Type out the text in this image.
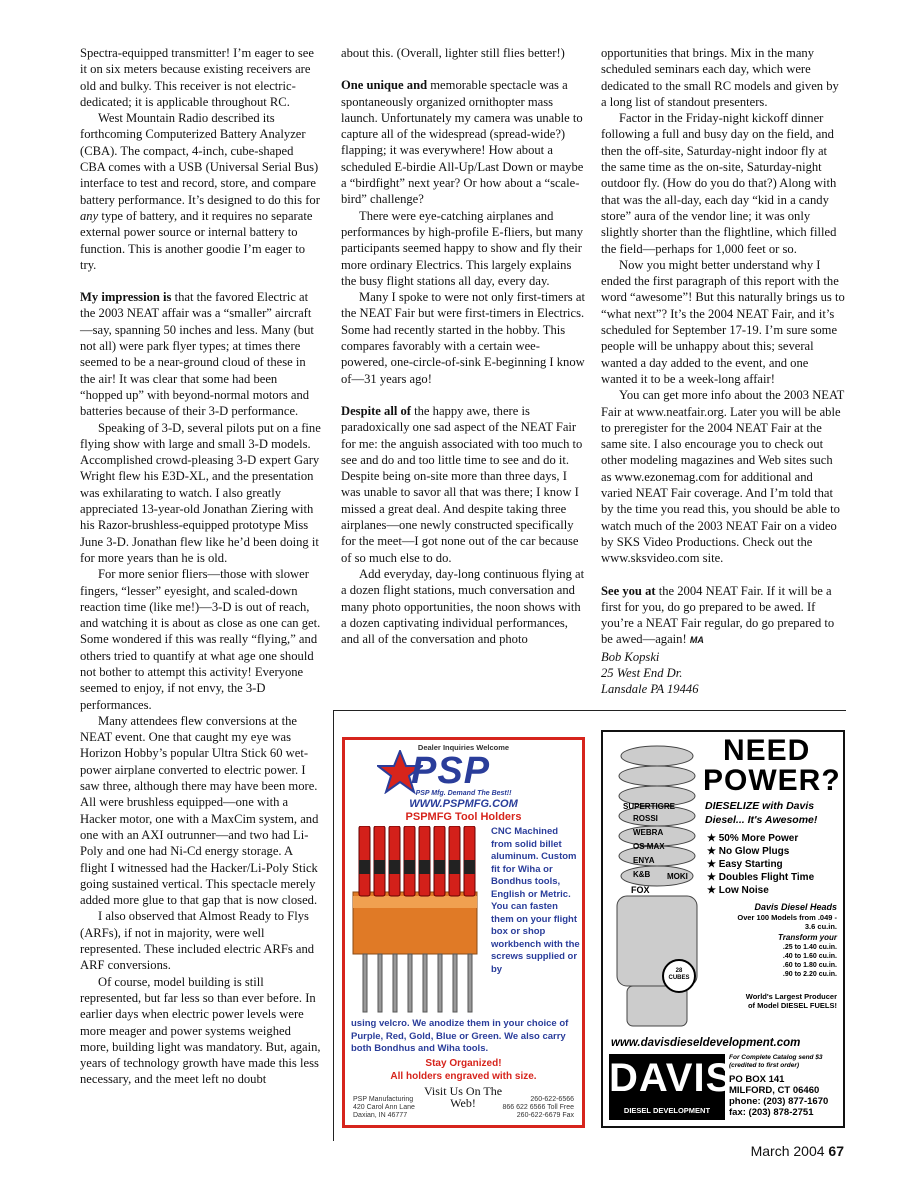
Spectra-equipped transmitter! I’m eager to see it on six meters because existing receivers are old and bulky. This receiver is not electric-dedicated; it is applicable throughout RC.

West Mountain Radio described its forthcoming Computerized Battery Analyzer (CBA). The compact, 4-inch, cube-shaped CBA comes with a USB (Universal Serial Bus) interface to test and record, store, and compare battery performance. It’s designed to do this for any type of battery, and it requires no separate external power source or internal battery to function. This is another goodie I’m eager to try.

My impression is that the favored Electric at the 2003 NEAT affair was a “smaller” aircraft—say, spanning 50 inches and less. Many (but not all) were park flyer types; at times there seemed to be a near-ground cloud of these in the air! It was clear that some had been “hopped up” with beyond-normal motors and batteries because of their 3-D performance.

Speaking of 3-D, several pilots put on a fine flying show with large and small 3-D models. Accomplished crowd-pleasing 3-D expert Gary Wright flew his E3D-XL, and the presentation was exhilarating to watch. I also greatly appreciated 13-year-old Jonathan Ziering with his Razor-brushless-equipped prototype Miss June 3-D. Jonathan flew like he’d been doing it for more years than he is old.

For more senior fliers—those with slower fingers, “lesser” eyesight, and scaled-down reaction time (like me!)—3-D is out of reach, and watching it is about as close as one can get. Some wondered if this was really “flying,” and others tried to quantify at what age one should not bother to attempt this activity! Everyone seemed to enjoy, if not envy, the 3-D performances.

Many attendees flew conversions at the NEAT event. One that caught my eye was Horizon Hobby’s popular Ultra Stick 60 wet-power airplane converted to electric power. I saw three, although there may have been more. All were brushless equipped—one with a Hacker motor, one with a MaxCim system, and one with an AXI outrunner—and two had Li-Poly and one had Ni-Cd energy storage. A flight I witnessed had the Hacker/Li-Poly Stick going sustained vertical. This spectacle merely added more glue to that gap that is now closed.

I also observed that Almost Ready to Flys (ARFs), if not in majority, were well represented. These included electric ARFs and ARF conversions.

Of course, model building is still represented, but far less so than ever before. In earlier days when electric power levels were more meager and power systems weighed more, building light was mandatory. But, again, years of technology growth have made this less necessary, and the meet left no doubt

about this. (Overall, lighter still flies better!)

One unique and memorable spectacle was a spontaneously organized ornithopter mass launch. Unfortunately my camera was unable to capture all of the widespread (spread-wide?) flapping; it was everywhere! How about a scheduled E-birdie All-Up/Last Down or maybe a “birdfight” next year? Or how about a “scale-bird” challenge?

There were eye-catching airplanes and performances by high-profile E-fliers, but many participants seemed happy to show and fly their more ordinary Electrics. This largely explains the busy flight stations all day, every day.

Many I spoke to were not only first-timers at the NEAT Fair but were first-timers in Electrics. Some had recently started in the hobby. This compares favorably with a certain wee-powered, one-circle-of-sink E-beginning I know of—31 years ago!

Despite all of the happy awe, there is paradoxically one sad aspect of the NEAT Fair for me: the anguish associated with too much to see and do and too little time to see and do it. Despite being on-site more than three days, I was unable to savor all that was there; I know I missed a great deal. And despite taking three airplanes—one newly constructed specifically for the meet—I got none out of the car because of so much else to do.

Add everyday, day-long continuous flying at a dozen flight stations, much conversation and many photo opportunities, the noon shows with a dozen captivating individual performances, and all of the conversation and photo

opportunities that brings. Mix in the many scheduled seminars each day, which were dedicated to the small RC models and given by a long list of standout presenters.

Factor in the Friday-night kickoff dinner following a full and busy day on the field, and then the off-site, Saturday-night indoor fly at the same time as the on-site, Saturday-night outdoor fly. (How do you do that?) Along with that was the all-day, each day “kid in a candy store” aura of the vendor line; it was only slightly shorter than the flightline, which filled the field—perhaps for 1,000 feet or so.

Now you might better understand why I ended the first paragraph of this report with the word “awesome”! But this naturally brings us to “what next”? It’s the 2004 NEAT Fair, and it’s scheduled for September 17-19. I’m sure some people will be unhappy about this; several wanted a day added to the event, and one wanted it to be a week-long affair!

You can get more info about the 2003 NEAT Fair at www.neatfair.org. Later you will be able to preregister for the 2004 NEAT Fair at the same site. I also encourage you to check out other modeling magazines and Web sites such as www.ezonemag.com for additional and varied NEAT Fair coverage. And I’m told that by the time you read this, you should be able to watch much of the 2003 NEAT Fair on a video by SKS Video Productions. Check out the www.sksvideo.com site.

See you at the 2004 NEAT Fair. If it will be a first for you, do go prepared to be awed. If you’re a NEAT Fair regular, do go prepared to be awed—again! MA

Bob Kopski

25 West End Dr.

Lansdale PA 19446

Dealer Inquiries Welcome
PSP
PSP Mfg. Demand The Best!!
WWW.PSPMFG.COM
PSPMFG Tool Holders
CNC Machined from solid billet aluminum. Custom fit for Wiha or Bondhus tools, English or Metric. You can fasten them on your flight box or shop workbench with the screws supplied or by
using velcro. We anodize them in your choice of Purple, Red, Gold, Blue or Green. We also carry both Bondhus and Wiha tools.
Stay Organized!
All holders engraved with size.
Visit Us On The Web!
PSP Manufacturing
420 Carol Ann Lane
Daxian, IN 46777
260-622-6566
866 622 6566 Toll Free
260-622-6679 Fax
NEED
POWER?
SUPERTIGRE
ROSSI
WEBRA
OS MAX
ENYA
K&B MOKI
FOX
28 CUBES
DIESELIZE with Davis
Diesel... It's Awesome!
★ 50% More Power
★ No Glow Plugs
★ Easy Starting
★ Doubles Flight Time
★ Low Noise
Davis Diesel Heads
Over 100 Models from .049 - 3.6 cu.in.
Transform your
.25 to 1.40 cu.in.
.40 to 1.60 cu.in.
.60 to 1.80 cu.in.
.90 to 2.20 cu.in.
World's Largest Producer of Model DIESEL FUELS!
www.davisdieseldevelopment.com
DAVIS
DIESEL DEVELOPMENT
For Complete Catalog send $3 (credited to first order)
PO BOX 141
MILFORD, CT 06460
phone: (203) 877-1670
fax: (203) 878-2751
March 2004 67
